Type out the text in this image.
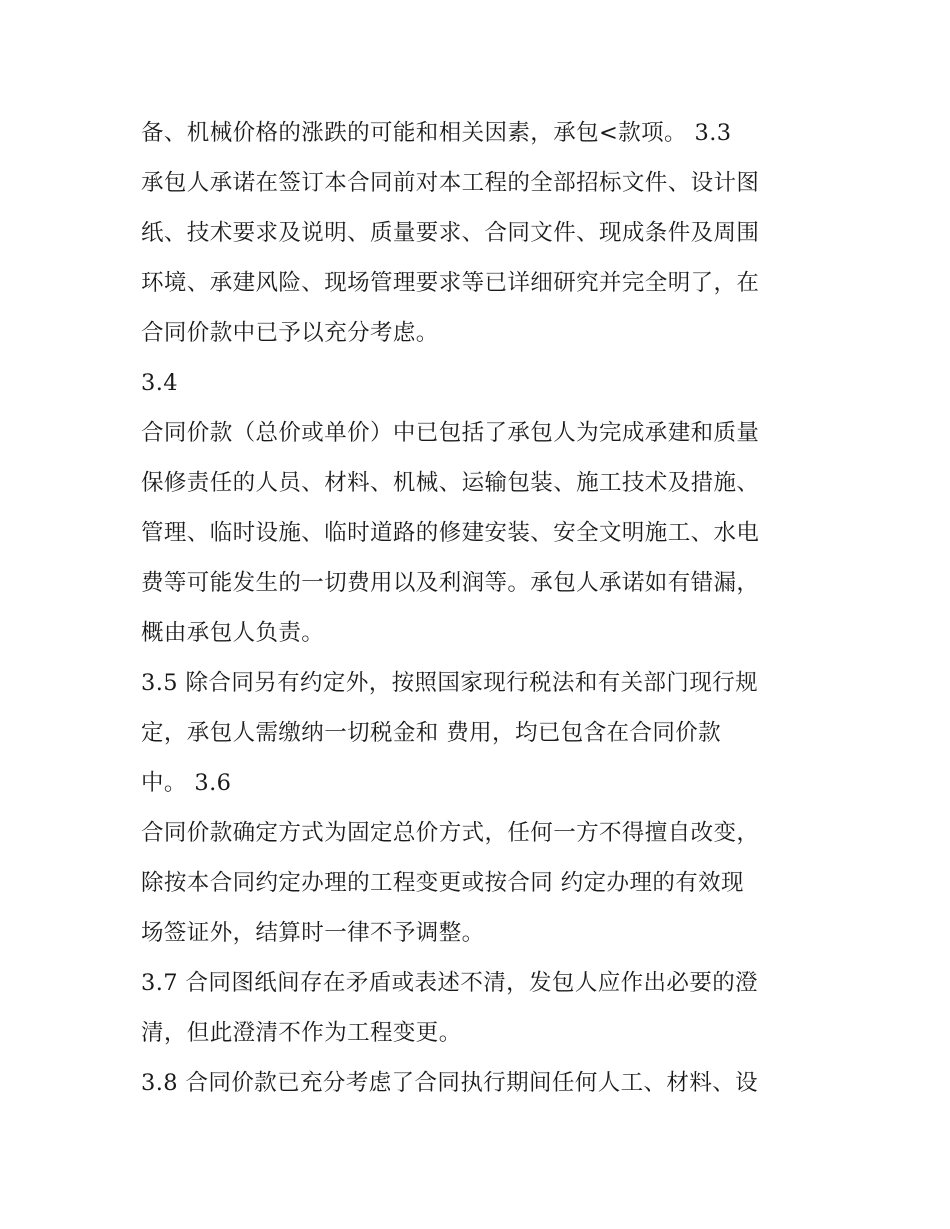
备、机械价格的涨跌的可能和相关因素，承包<款项。 3.3
承包人承诺在签订本合同前对本工程的全部招标文件、设计图
纸、技术要求及说明、质量要求、合同文件、现成条件及周围
环境、承建风险、现场管理要求等已详细研究并完全明了，在
合同价款中已予以充分考虑。
3.4
合同价款（总价或单价）中已包括了承包人为完成承建和质量
保修责任的人员、材料、机械、运输包装、施工技术及措施、
管理、临时设施、临时道路的修建安装、安全文明施工、水电
费等可能发生的一切费用以及利润等。承包人承诺如有错漏，
概由承包人负责。
3.5 除合同另有约定外，按照国家现行税法和有关部门现行规
定，承包人需缴纳一切税金和 费用，均已包含在合同价款
中。 3.6
合同价款确定方式为固定总价方式，任何一方不得擅自改变，
除按本合同约定办理的工程变更或按合同 约定办理的有效现
场签证外，结算时一律不予调整。
3.7 合同图纸间存在矛盾或表述不清，发包人应作出必要的澄
清，但此澄清不作为工程变更。
3.8 合同价款已充分考虑了合同执行期间任何人工、材料、设
